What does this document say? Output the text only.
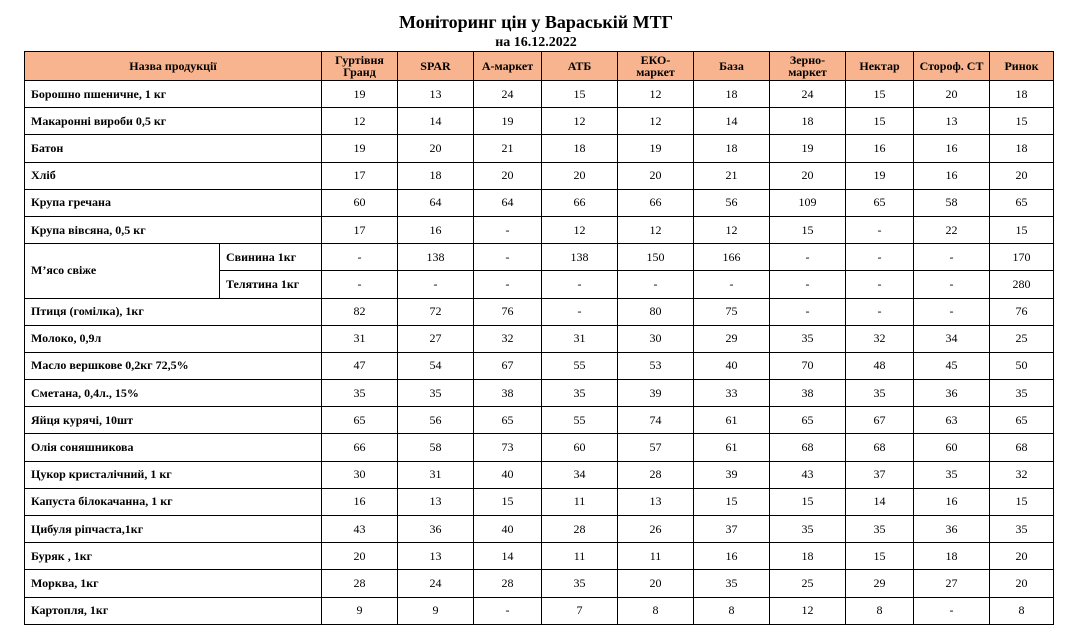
Моніторинг цін у Вараській МТГ
на 16.12.2022
Назва продукції		Гуртівня Гранд	SPAR	А-маркет	АТБ	ЕКО-маркет	База	Зерно-маркет	Нектар	Стороф. СТ	Ринок
Борошно пшеничне, 1 кг		19	13	24	15	12	18	24	15	20	18
Макаронні вироби 0,5 кг		12	14	19	12	12	14	18	15	13	15
Батон		19	20	21	18	19	18	19	16	16	18
Хліб		17	18	20	20	20	21	20	19	16	20
Крупа гречана		60	64	64	66	66	56	109	65	58	65
Крупа вівсяна, 0,5 кг		17	16	-	12	12	12	15	-	22	15
М’ясо свіже	Свинина 1кг	-	138	-	138	150	166	-	-	-	170
	Телятина 1кг	-	-	-	-	-	-	-	-	-	280
Птиця (гомілка), 1кг		82	72	76	-	80	75	-	-	-	76
Молоко, 0,9л		31	27	32	31	30	29	35	32	34	25
Масло вершкове 0,2кг 72,5%		47	54	67	55	53	40	70	48	45	50
Сметана, 0,4л., 15%		35	35	38	35	39	33	38	35	36	35
Яйця курячі, 10шт		65	56	65	55	74	61	65	67	63	65
Олія соняшникова		66	58	73	60	57	61	68	68	60	68
Цукор кристалічний, 1 кг		30	31	40	34	28	39	43	37	35	32
Капуста білокачанна, 1 кг		16	13	15	11	13	15	15	14	16	15
Цибуля ріпчаста,1кг		43	36	40	28	26	37	35	35	36	35
Буряк , 1кг		20	13	14	11	11	16	18	15	18	20
Морква, 1кг		28	24	28	35	20	35	25	29	27	20
Картопля, 1кг		9	9	-	7	8	8	12	8	-	8
